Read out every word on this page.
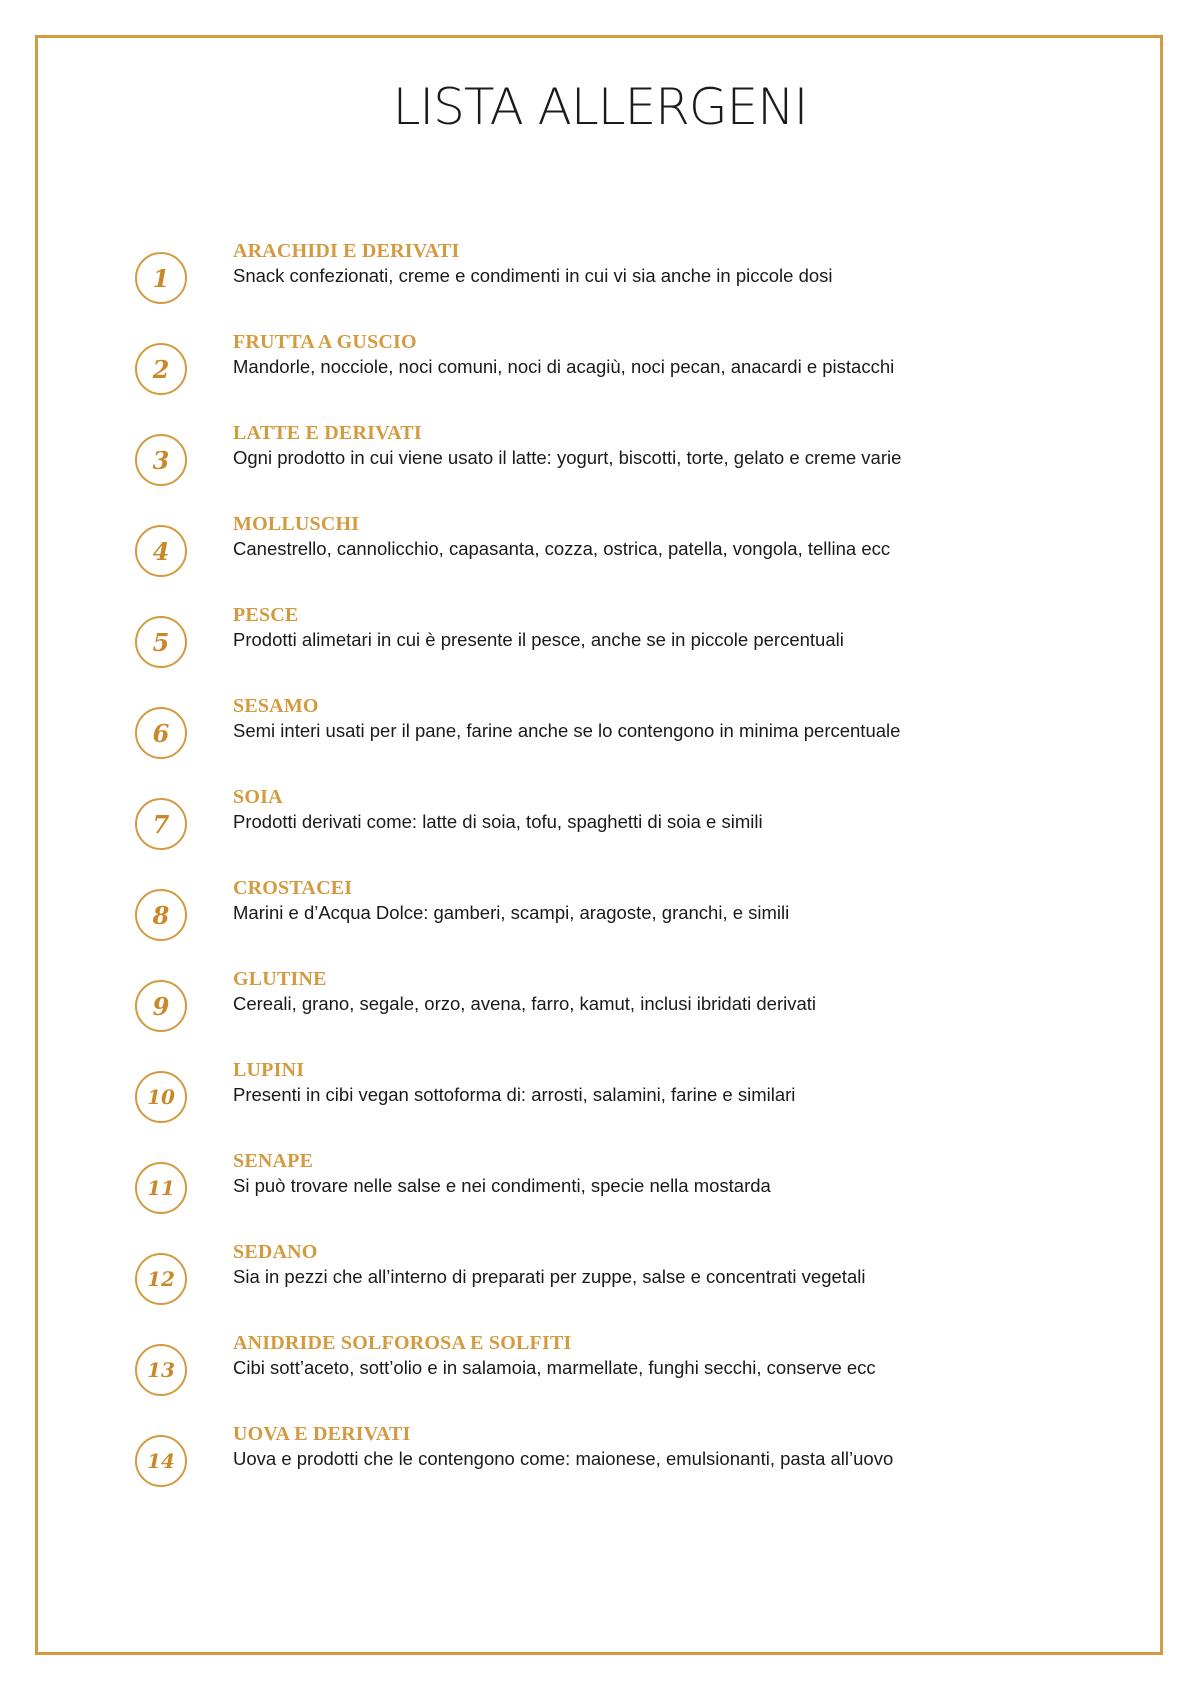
LISTA ALLERGENI
1
ARACHIDI E DERIVATI
Snack confezionati, creme e condimenti in cui vi sia anche in piccole dosi
2
FRUTTA A GUSCIO
Mandorle, nocciole, noci comuni, noci di acagiù, noci pecan, anacardi e pistacchi
3
LATTE E DERIVATI
Ogni prodotto in cui viene usato il latte: yogurt, biscotti, torte, gelato e creme varie
4
MOLLUSCHI
Canestrello, cannolicchio, capasanta, cozza, ostrica, patella, vongola, tellina ecc
5
PESCE
Prodotti alimetari in cui è presente il pesce, anche se in piccole percentuali
6
SESAMO
Semi interi usati per il pane, farine anche se lo contengono in minima percentuale
7
SOIA
Prodotti derivati come: latte di soia, tofu, spaghetti di soia e simili
8
CROSTACEI
Marini e d’Acqua Dolce: gamberi, scampi, aragoste, granchi, e simili
9
GLUTINE
Cereali, grano, segale, orzo, avena, farro, kamut, inclusi ibridati derivati
10
LUPINI
Presenti in cibi vegan sottoforma di: arrosti, salamini, farine e similari
11
SENAPE
Si può trovare nelle salse e nei condimenti, specie nella mostarda
12
SEDANO
Sia in pezzi che all’interno di preparati per zuppe, salse e concentrati vegetali
13
ANIDRIDE SOLFOROSA E SOLFITI
Cibi sott’aceto, sott’olio e in salamoia, marmellate, funghi secchi, conserve ecc
14
UOVA E DERIVATI
Uova e prodotti che le contengono come: maionese, emulsionanti, pasta all’uovo
